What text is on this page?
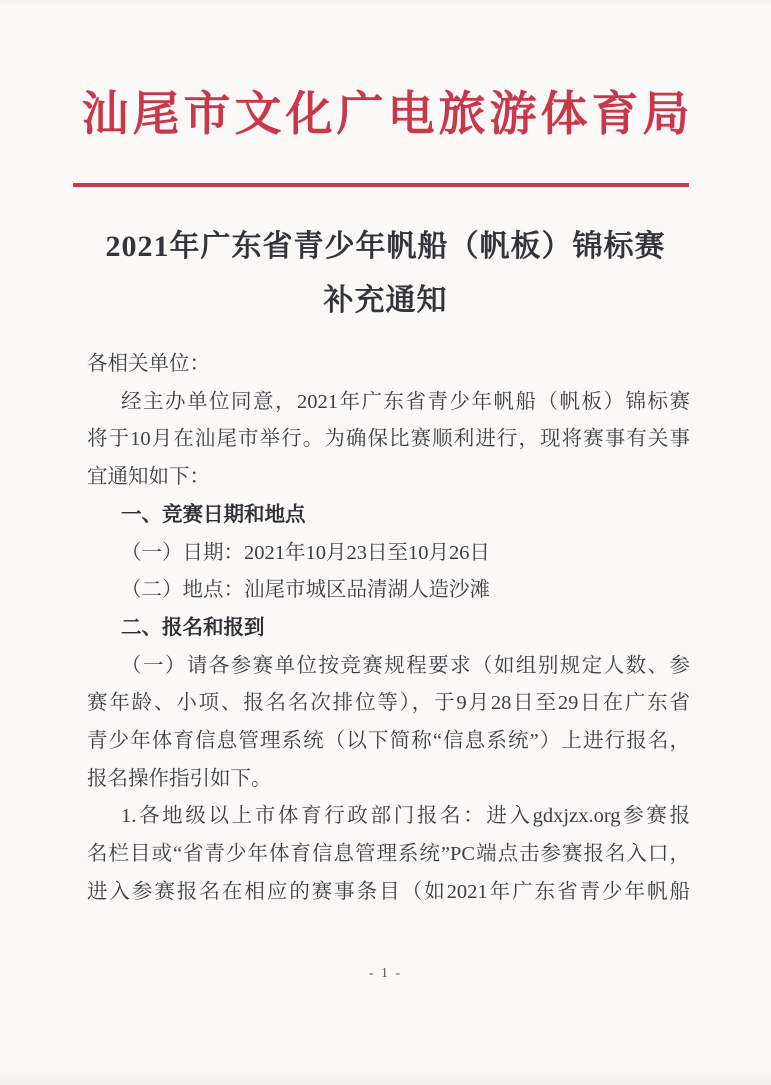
汕尾市文化广电旅游体育局
2021年广东省青少年帆船（帆板）锦标赛
补充通知

各相关单位：

经主办单位同意，2021年广东省青少年帆船（帆板）锦标赛

将于10月在汕尾市举行。为确保比赛顺利进行，现将赛事有关事

宜通知如下：

一、竞赛日期和地点

（一）日期：2021年10月23日至10月26日

（二）地点：汕尾市城区品清湖人造沙滩

二、报名和报到

（一）请各参赛单位按竞赛规程要求（如组别规定人数、参

赛年龄、小项、报名名次排位等），于9月28日至29日在广东省

青少年体育信息管理系统（以下简称“信息系统”）上进行报名，

报名操作指引如下。

1.各地级以上市体育行政部门报名：进入gdxjzx.org参赛报

名栏目或“省青少年体育信息管理系统”PC端点击参赛报名入口，

进入参赛报名在相应的赛事条目（如2021年广东省青少年帆船

- 1 -
